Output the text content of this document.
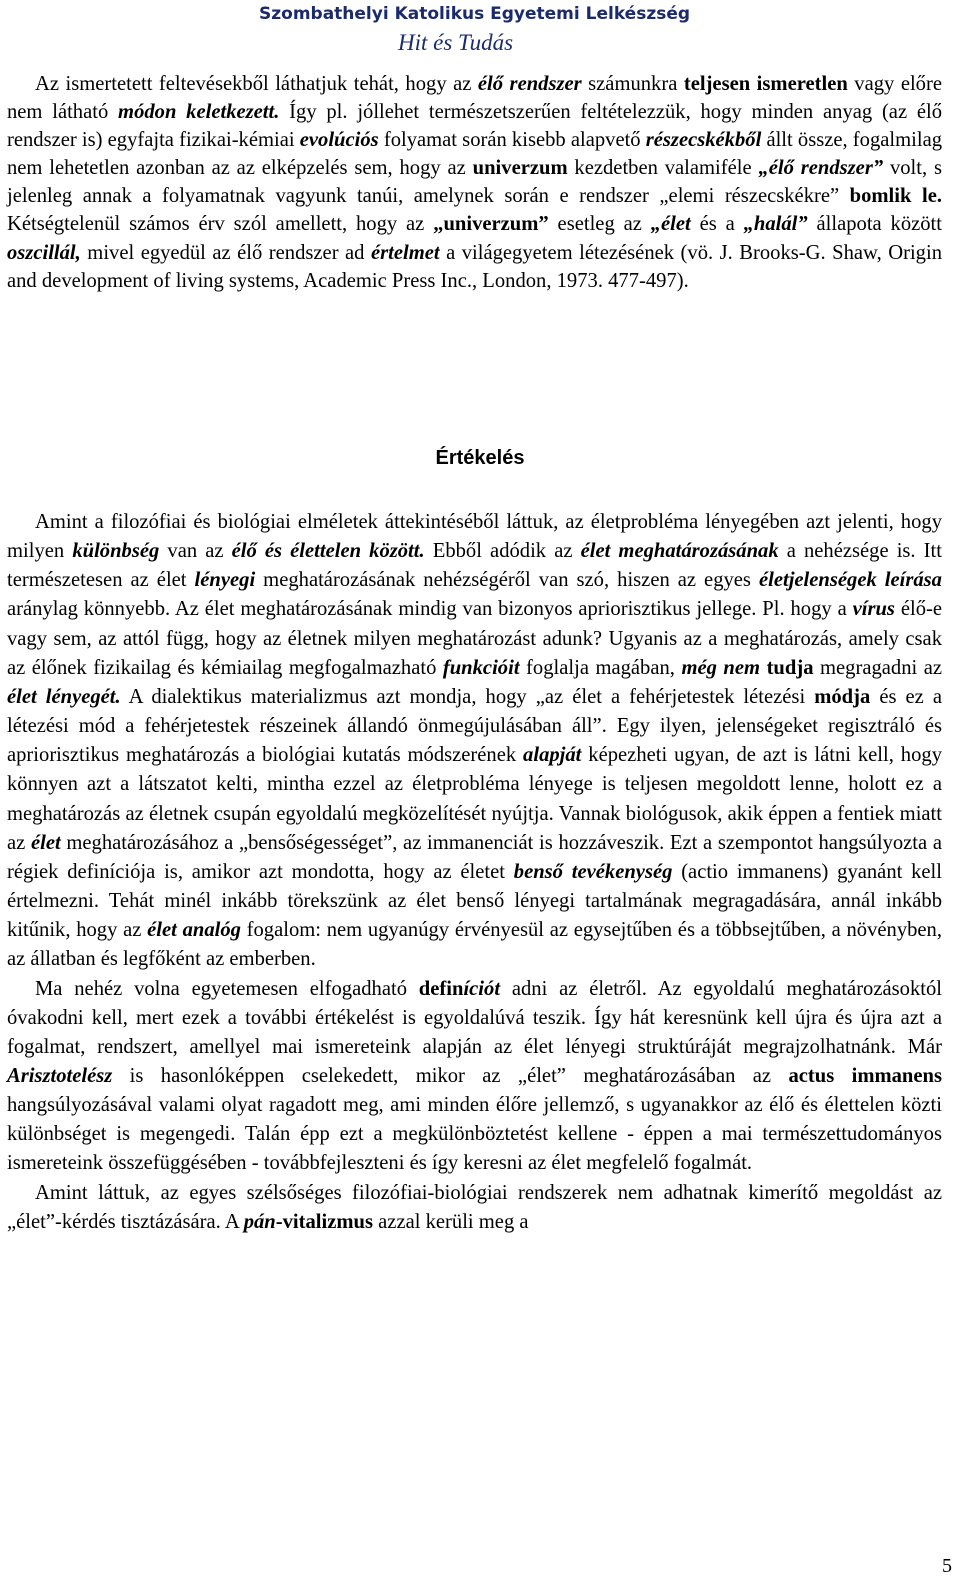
Szombathelyi Katolikus Egyetemi Lelkészség
Hit és Tudás

Az ismertetett feltevésekből láthatjuk tehát, hogy az élő rendszer számunkra teljesen ismeretlen vagy előre nem látható módon keletkezett. Így pl. jóllehet természetszerűen feltételezzük, hogy minden anyag (az élő rendszer is) egyfajta fizikai-kémiai evolúciós folyamat során kisebb alapvető részecskékből állt össze, fogalmilag nem lehetetlen azonban az az elképzelés sem, hogy az univerzum kezdetben valamiféle „élő rendszer” volt, s jelenleg annak a folyamatnak vagyunk tanúi, amelynek során e rendszer „elemi részecskékre” bomlik le. Kétségtelenül számos érv szól amellett, hogy az „univerzum” esetleg az „élet és a „halál” állapota között oszcillál, mivel egyedül az élő rendszer ad értelmet a világegyetem létezésének (vö. J. Brooks-G. Shaw, Origin and development of living systems, Academic Press Inc., London, 1973. 477-497).

Értékelés

Amint a filozófiai és biológiai elméletek áttekintéséből láttuk, az életprobléma lényegében azt jelenti, hogy milyen különbség van az élő és élettelen között. Ebből adódik az élet meghatározásának a nehézsége is. Itt természetesen az élet lényegi meghatározásának nehézségéről van szó, hiszen az egyes életjelenségek leírása aránylag könnyebb. Az élet meghatározásának mindig van bizonyos apriorisztikus jellege. Pl. hogy a vírus élő-e vagy sem, az attól függ, hogy az életnek milyen meghatározást adunk? Ugyanis az a meghatározás, amely csak az élőnek fizikailag és kémiailag megfogalmazható funkcióit foglalja magában, még nem tudja megragadni az élet lényegét. A dialektikus materializmus azt mondja, hogy „az élet a fehérjetestek létezési módja és ez a létezési mód a fehérjetestek részeinek állandó önmegújulásában áll”. Egy ilyen, jelenségeket regisztráló és apriorisztikus meghatározás a biológiai kutatás módszerének alapját képezheti ugyan, de azt is látni kell, hogy könnyen azt a látszatot kelti, mintha ezzel az életprobléma lényege is teljesen megoldott lenne, holott ez a meghatározás az életnek csupán egyoldalú megközelítését nyújtja. Vannak biológusok, akik éppen a fentiek miatt az élet meghatározásához a „bensőségességet”, az immanenciát is hozzáveszik. Ezt a szempontot hangsúlyozta a régiek definíciója is, amikor azt mondotta, hogy az életet benső tevékenység (actio immanens) gyanánt kell értelmezni. Tehát minél inkább törekszünk az élet benső lényegi tartalmának megragadására, annál inkább kitűnik, hogy az élet analóg fogalom: nem ugyanúgy érvényesül az egysejtűben és a többsejtűben, a növényben, az állatban és legfőként az emberben.

Ma nehéz volna egyetemesen elfogadható definíciót adni az életről. Az egyoldalú meghatározásoktól óvakodni kell, mert ezek a további értékelést is egyoldalúvá teszik. Így hát keresnünk kell újra és újra azt a fogalmat, rendszert, amellyel mai ismereteink alapján az élet lényegi struktúráját megrajzolhatnánk. Már Arisztotelész is hasonlóképpen cselekedett, mikor az „élet” meghatározásában az actus immanens hangsúlyozásával valami olyat ragadott meg, ami minden élőre jellemző, s ugyanakkor az élő és élettelen közti különbséget is megengedi. Talán épp ezt a megkülönböztetést kellene - éppen a mai természettudományos ismereteink összefüggésében - továbbfejleszteni és így keresni az élet megfelelő fogalmát.

Amint láttuk, az egyes szélsőséges filozófiai-biológiai rendszerek nem adhatnak kimerítő megoldást az „élet”-kérdés tisztázására. A pán-vitalizmus azzal kerüli meg a

5
